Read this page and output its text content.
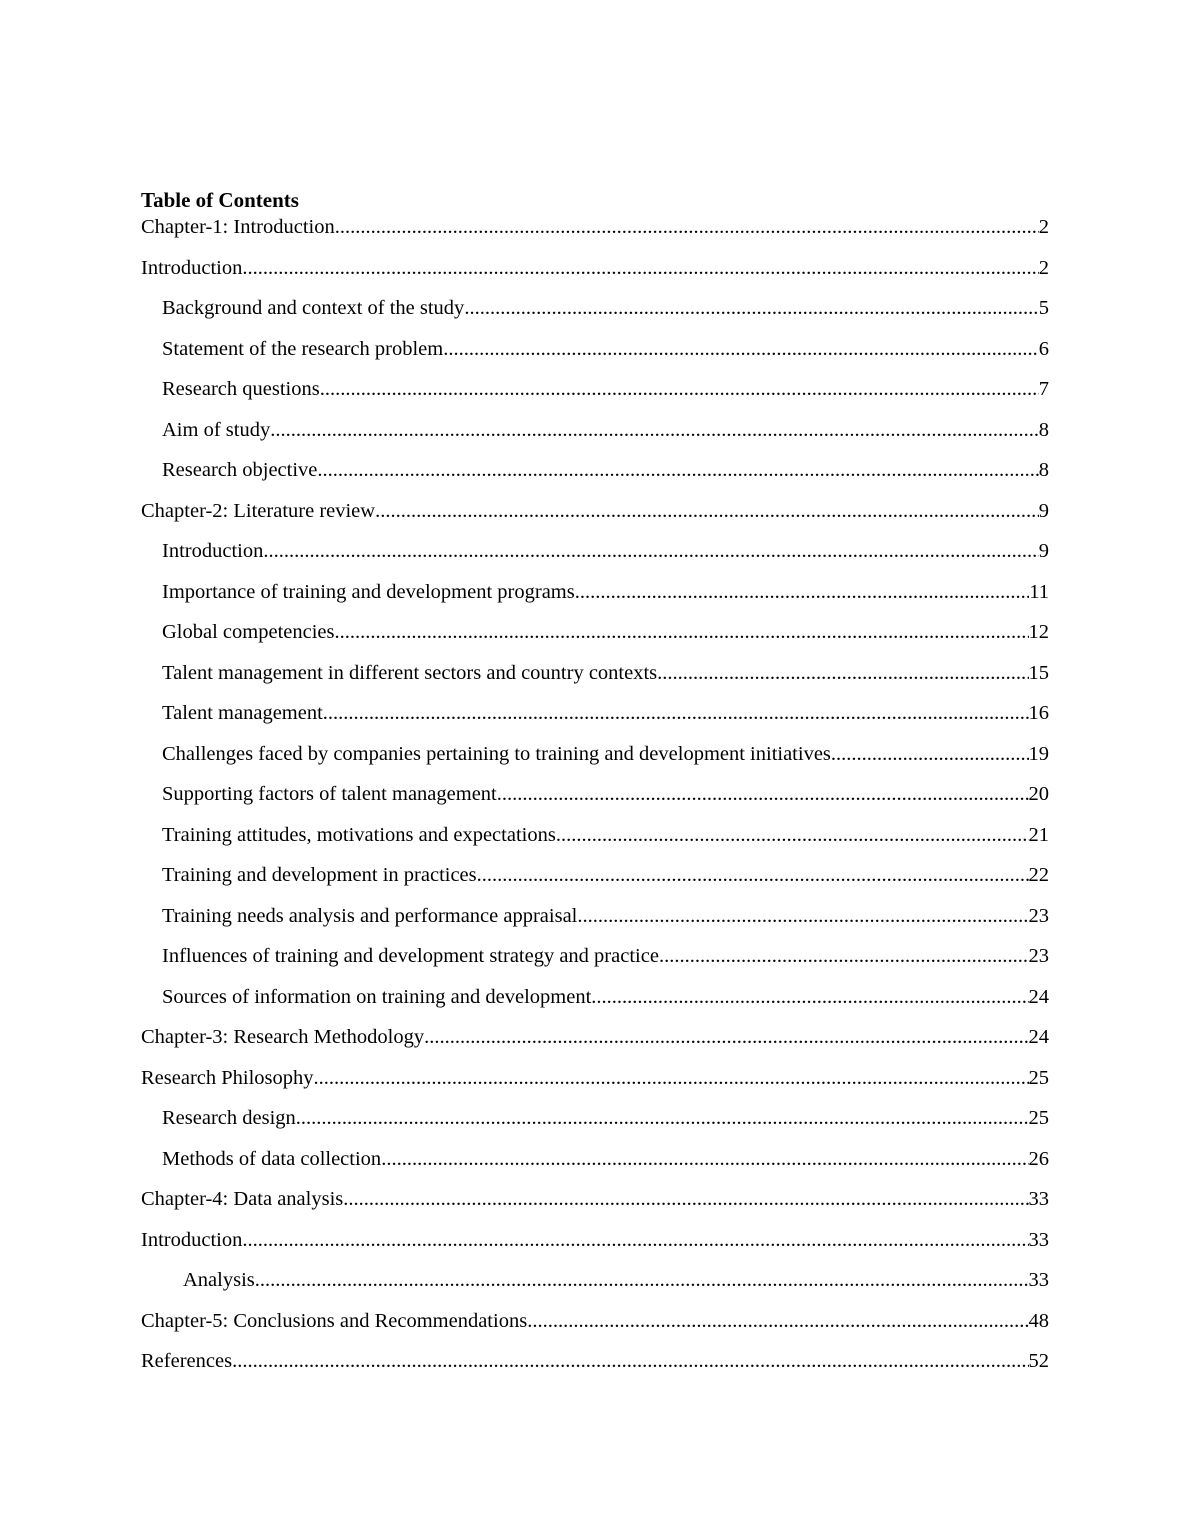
Table of Contents
Chapter-1: Introduction .....	2
Introduction .....	2
Background and context of the study .....	5
Statement of the research problem .....	6
Research questions .....	7
Aim of study .....	8
Research objective .....	8
Chapter-2: Literature review .....	9
Introduction .....	9
Importance of training and development programs .....	11
Global competencies .....	12
Talent management in different sectors and country contexts .....	15
Talent management .....	16
Challenges faced by companies pertaining to training and development initiatives .....	19
Supporting factors of talent management .....	20
Training attitudes, motivations and expectations .....	21
Training and development in practices .....	22
Training needs analysis and performance appraisal .....	23
Influences of training and development strategy and practice .....	23
Sources of information on training and development .....	24
Chapter-3: Research Methodology .....	24
Research Philosophy .....	25
Research design .....	25
Methods of data collection .....	26
Chapter-4: Data analysis .....	33
Introduction .....	33
Analysis .....	33
Chapter-5: Conclusions and Recommendations .....	48
References .....	52
